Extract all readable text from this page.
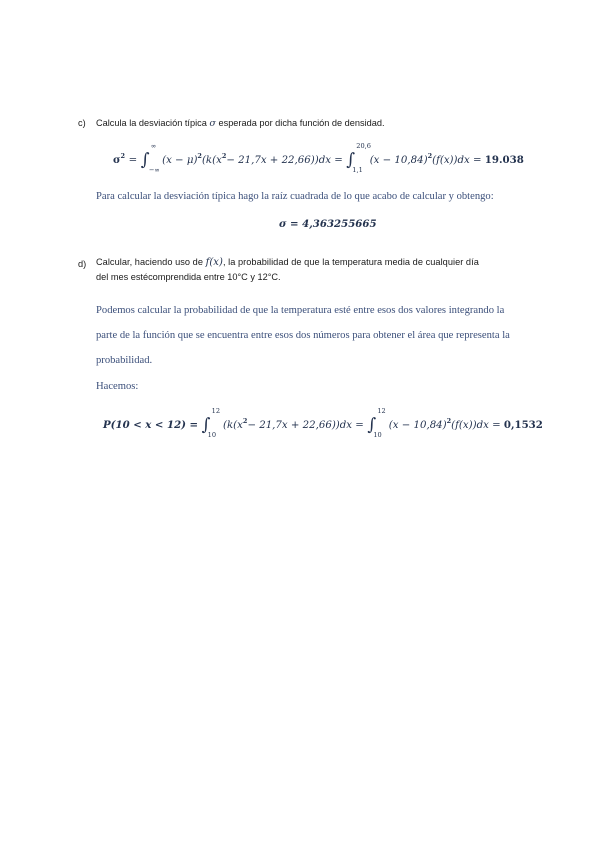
c) Calcula la desviación típica σ esperada por dicha función de densidad.
$\sigma^2$ = ∫
∞
−∞
$(x - \mu)^2(k(x^2- 21,7x + 22,66))dx$ = ∫
20,6
1,1
$(x - 10,84)^2(f(x))dx = 19.038$
Para calcular la desviación típica hago la raíz cuadrada de lo que acabo de calcular y obtengo:
σ = 4,363255665
d) Calcular, haciendo uso de f(x), la probabilidad de que la temperatura media de cualquier día
del mes estécomprendida entre 10°C y 12°C.
Podemos calcular la probabilidad de que la temperatura esté entre esos dos valores integrando la
parte de la función que se encuentra entre esos dos números para obtener el área que representa la
probabilidad.
Hacemos:
P(10 < x < 12) = ∫
12
10
$(k(x^2- 21,7x + 22,66))dx$ = ∫
12
10
$(x - 10,84)^2(f(x))dx = 0,1532$
